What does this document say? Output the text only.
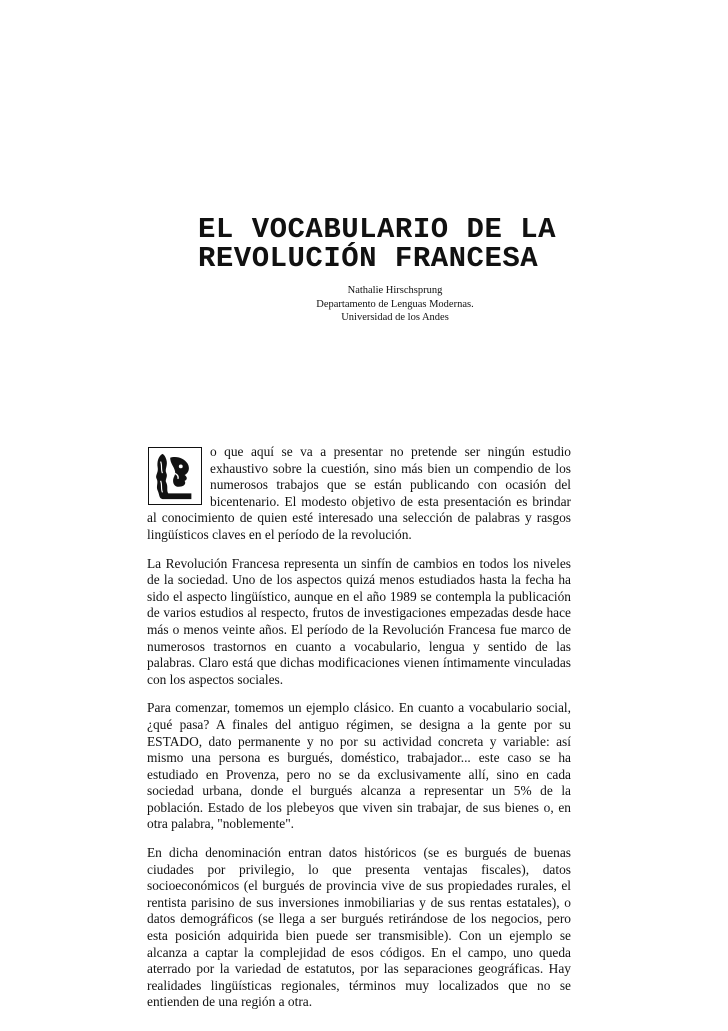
EL VOCABULARIO DE LA
REVOLUCIÓN FRANCESA
Nathalie Hirschsprung
Departamento de Lenguas Modernas.
Universidad de los Andes

o que aquí se va a presentar no pretende ser ningún estudio exhaustivo sobre la cuestión, sino más bien un compendio de los numerosos trabajos que se están publicando con ocasión del bicentenario. El modesto objetivo de esta presentación es brindar al conocimiento de quien esté interesado una selección de palabras y rasgos lingüísticos claves en el período de la revolución.

La Revolución Francesa representa un sinfín de cambios en todos los niveles de la sociedad. Uno de los aspectos quizá menos estudiados hasta la fecha ha sido el aspecto lingüístico, aunque en el año 1989 se contempla la publicación de varios estudios al respecto, frutos de investigaciones empezadas desde hace más o menos veinte años. El período de la Revolución Francesa fue marco de numerosos trastornos en cuanto a vocabulario, lengua y sentido de las palabras. Claro está que dichas modificaciones vienen íntimamente vinculadas con los aspectos sociales.

Para comenzar, tomemos un ejemplo clásico. En cuanto a vocabulario social, ¿qué pasa? A finales del antiguo régimen, se designa a la gente por su ESTADO, dato permanente y no por su actividad concreta y variable: así mismo una persona es burgués, doméstico, trabajador... este caso se ha estudiado en Provenza, pero no se da exclusivamente allí, sino en cada sociedad urbana, donde el burgués alcanza a representar un 5% de la población. Estado de los plebeyos que viven sin trabajar, de sus bienes o, en otra palabra, "noblemente".

En dicha denominación entran datos históricos (se es burgués de buenas ciudades por privilegio, lo que presenta ventajas fiscales), datos socioeconómicos (el burgués de provincia vive de sus propiedades rurales, el rentista parisino de sus inversiones inmobiliarias y de sus rentas estatales), o datos demográficos (se llega a ser burgués retirándose de los negocios, pero esta posición adquirida bien puede ser transmisible). Con un ejemplo se alcanza a captar la complejidad de esos códigos. En el campo, uno queda aterrado por la variedad de estatutos, por las separaciones geográficas. Hay realidades lingüísticas regionales, términos muy localizados que no se entienden de una región a otra.
